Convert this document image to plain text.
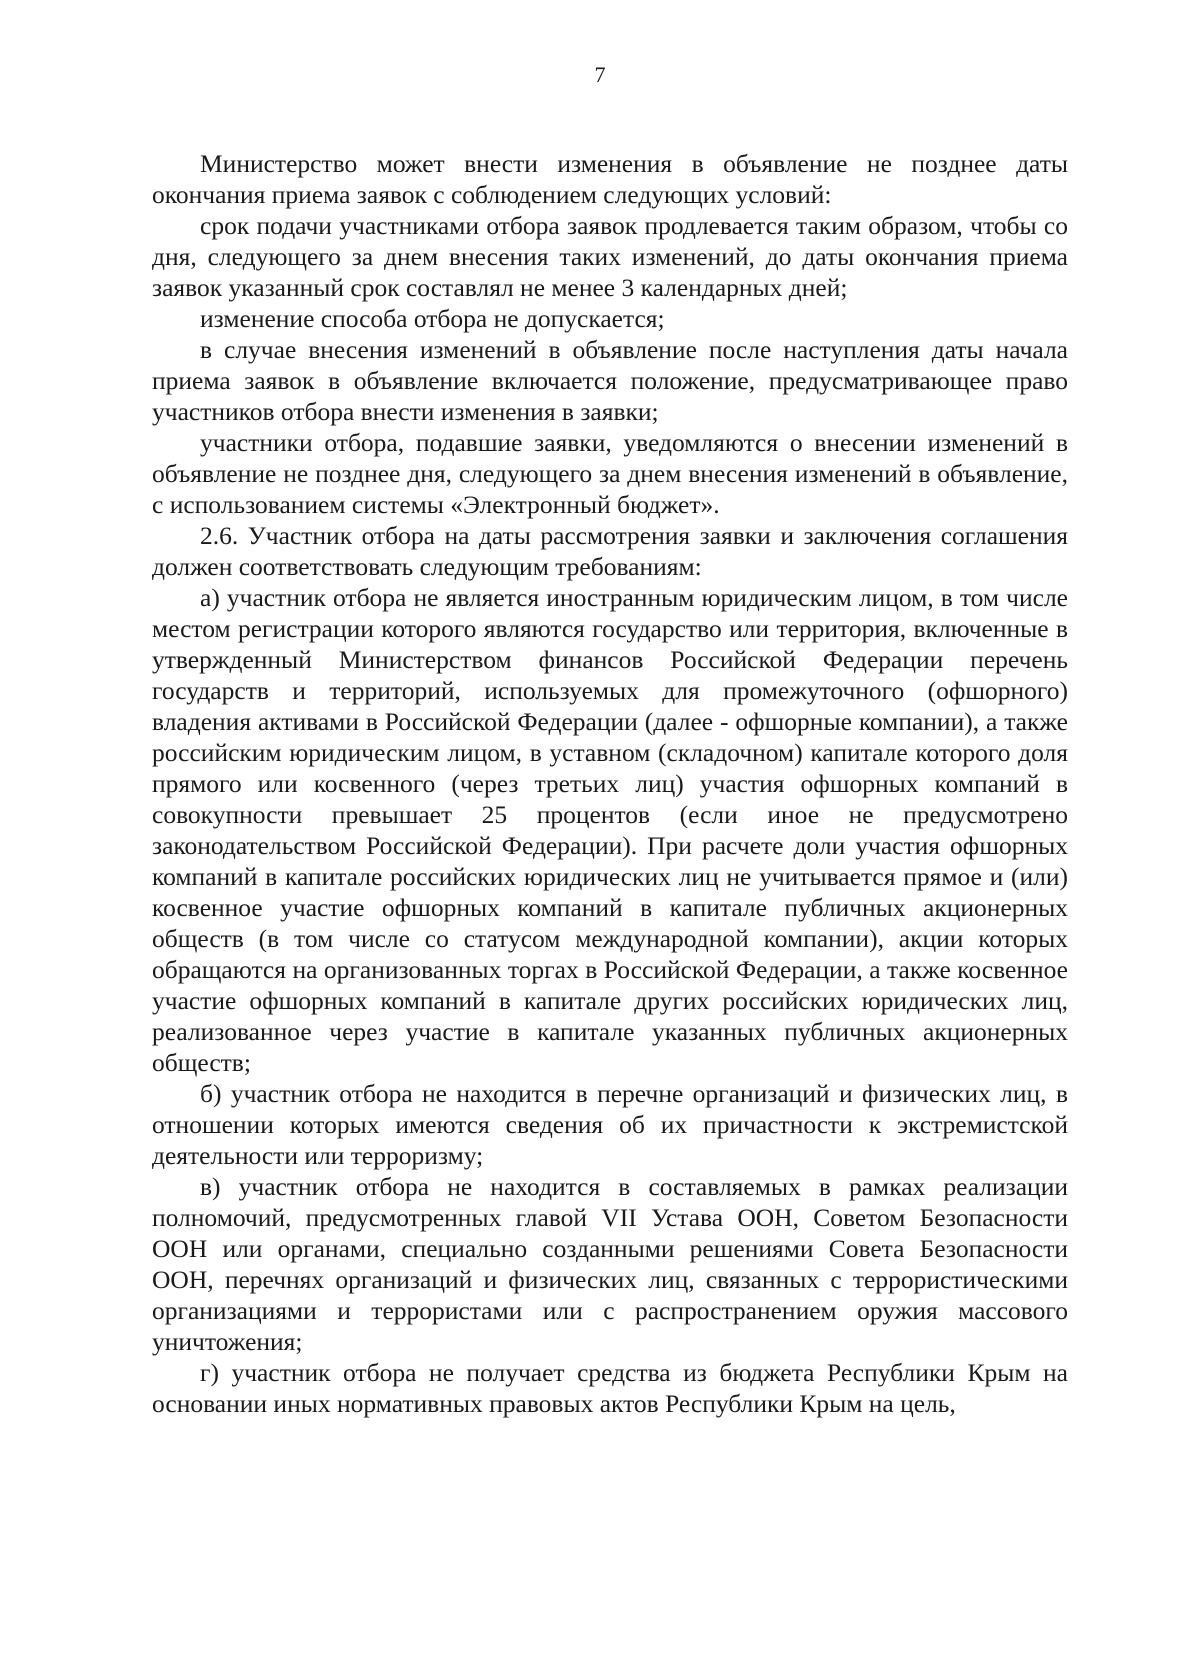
7

Министерство может внести изменения в объявление не позднее даты окончания приема заявок с соблюдением следующих условий:

срок подачи участниками отбора заявок продлевается таким образом, чтобы со дня, следующего за днем внесения таких изменений, до даты окончания приема заявок указанный срок составлял не менее 3 календарных дней;

изменение способа отбора не допускается;

в случае внесения изменений в объявление после наступления даты начала приема заявок в объявление включается положение, предусматривающее право участников отбора внести изменения в заявки;

участники отбора, подавшие заявки, уведомляются о внесении изменений в объявление не позднее дня, следующего за днем внесения изменений в объявление, с использованием системы «Электронный бюджет».

2.6. Участник отбора на даты рассмотрения заявки и заключения соглашения должен соответствовать следующим требованиям:

а) участник отбора не является иностранным юридическим лицом, в том числе местом регистрации которого являются государство или территория, включенные в утвержденный Министерством финансов Российской Федерации перечень государств и территорий, используемых для промежуточного (офшорного) владения активами в Российской Федерации (далее - офшорные компании), а также российским юридическим лицом, в уставном (складочном) капитале которого доля прямого или косвенного (через третьих лиц) участия офшорных компаний в совокупности превышает 25 процентов (если иное не предусмотрено законодательством Российской Федерации). При расчете доли участия офшорных компаний в капитале российских юридических лиц не учитывается прямое и (или) косвенное участие офшорных компаний в капитале публичных акционерных обществ (в том числе со статусом международной компании), акции которых обращаются на организованных торгах в Российской Федерации, а также косвенное участие офшорных компаний в капитале других российских юридических лиц, реализованное через участие в капитале указанных публичных акционерных обществ;

б) участник отбора не находится в перечне организаций и физических лиц, в отношении которых имеются сведения об их причастности к экстремистской деятельности или терроризму;

в) участник отбора не находится в составляемых в рамках реализации полномочий, предусмотренных главой VII Устава ООН, Советом Безопасности ООН или органами, специально созданными решениями Совета Безопасности ООН, перечнях организаций и физических лиц, связанных с террористическими организациями и террористами или с распространением оружия массового уничтожения;

г) участник отбора не получает средства из бюджета Республики Крым на основании иных нормативных правовых актов Республики Крым на цель,
